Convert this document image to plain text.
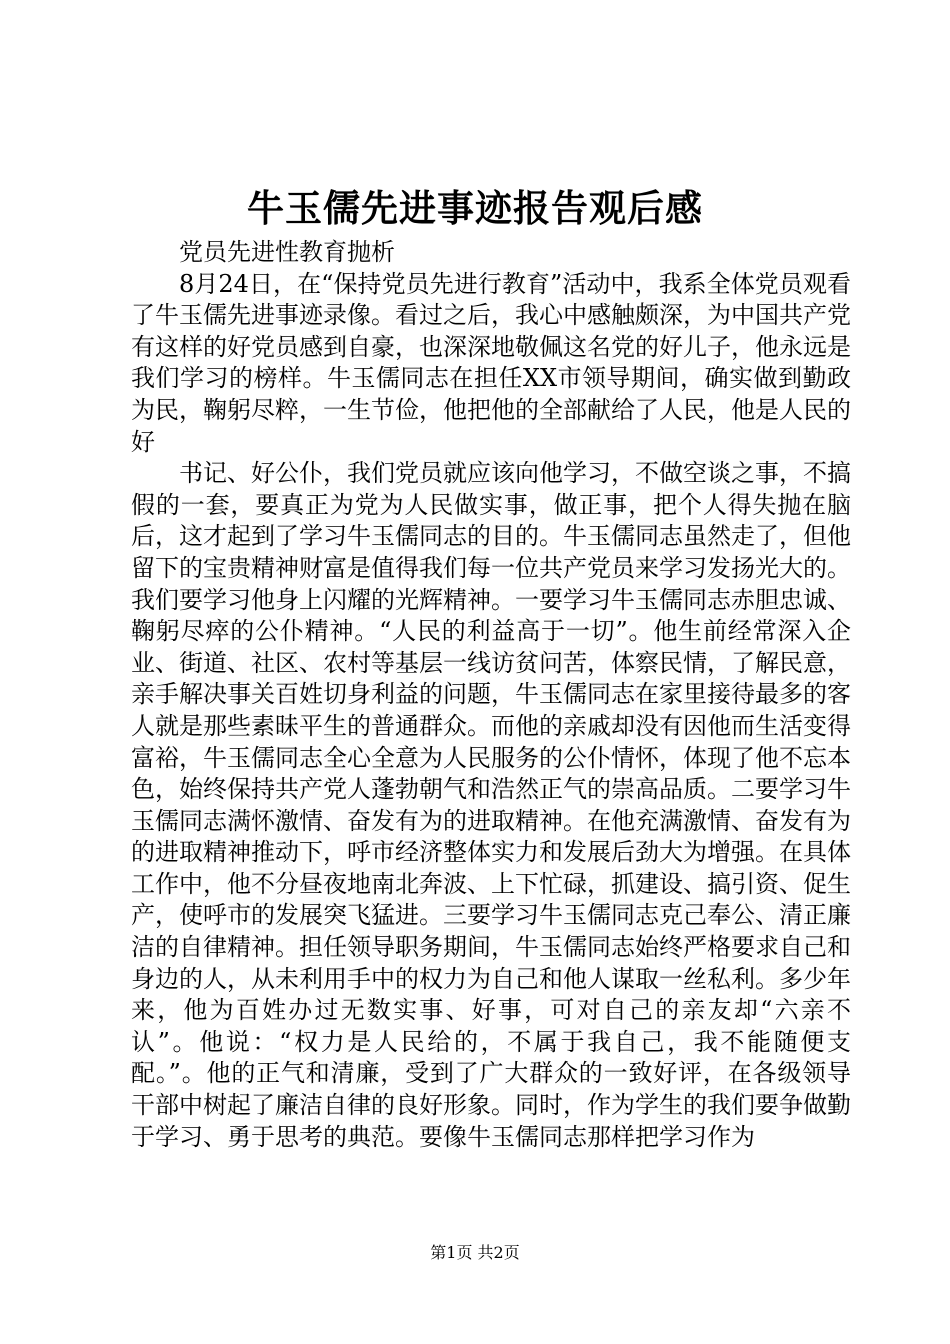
牛玉儒先进事迹报告观后感

党员先进性教育抛析

8月24日，在“保持党员先进行教育”活动中，我系全体党员观看了牛玉儒先进事迹录像。看过之后，我心中感触颇深，为中国共产党有这样的好党员感到自豪，也深深地敬佩这名党的好儿子，他永远是我们学习的榜样。牛玉儒同志在担任XX市领导期间，确实做到勤政为民，鞠躬尽粹，一生节俭，他把他的全部献给了人民，他是人民的好

书记、好公仆，我们党员就应该向他学习，不做空谈之事，不搞假的一套，要真正为党为人民做实事，做正事，把个人得失抛在脑后，这才起到了学习牛玉儒同志的目的。牛玉儒同志虽然走了，但他留下的宝贵精神财富是值得我们每一位共产党员来学习发扬光大的。我们要学习他身上闪耀的光辉精神。一要学习牛玉儒同志赤胆忠诚、鞠躬尽瘁的公仆精神。“人民的利益高于一切”。他生前经常深入企业、街道、社区、农村等基层一线访贫问苦，体察民情，了解民意，亲手解决事关百姓切身利益的问题，牛玉儒同志在家里接待最多的客人就是那些素昧平生的普通群众。而他的亲戚却没有因他而生活变得富裕，牛玉儒同志全心全意为人民服务的公仆情怀，体现了他不忘本色，始终保持共产党人蓬勃朝气和浩然正气的崇高品质。二要学习牛玉儒同志满怀激情、奋发有为的进取精神。在他充满激情、奋发有为的进取精神推动下，呼市经济整体实力和发展后劲大为增强。在具体工作中，他不分昼夜地南北奔波、上下忙碌，抓建设、搞引资、促生产，使呼市的发展突飞猛进。三要学习牛玉儒同志克己奉公、清正廉洁的自律精神。担任领导职务期间，牛玉儒同志始终严格要求自己和身边的人，从未利用手中的权力为自己和他人谋取一丝私利。多少年来，他为百姓办过无数实事、好事，可对自己的亲友却“六亲不认”。他说：“权力是人民给的，不属于我自己，我不能随便支配。”。他的正气和清廉，受到了广大群众的一致好评，在各级领导干部中树起了廉洁自律的良好形象。同时，作为学生的我们要争做勤于学习、勇于思考的典范。要像牛玉儒同志那样把学习作为

第1页 共2页
